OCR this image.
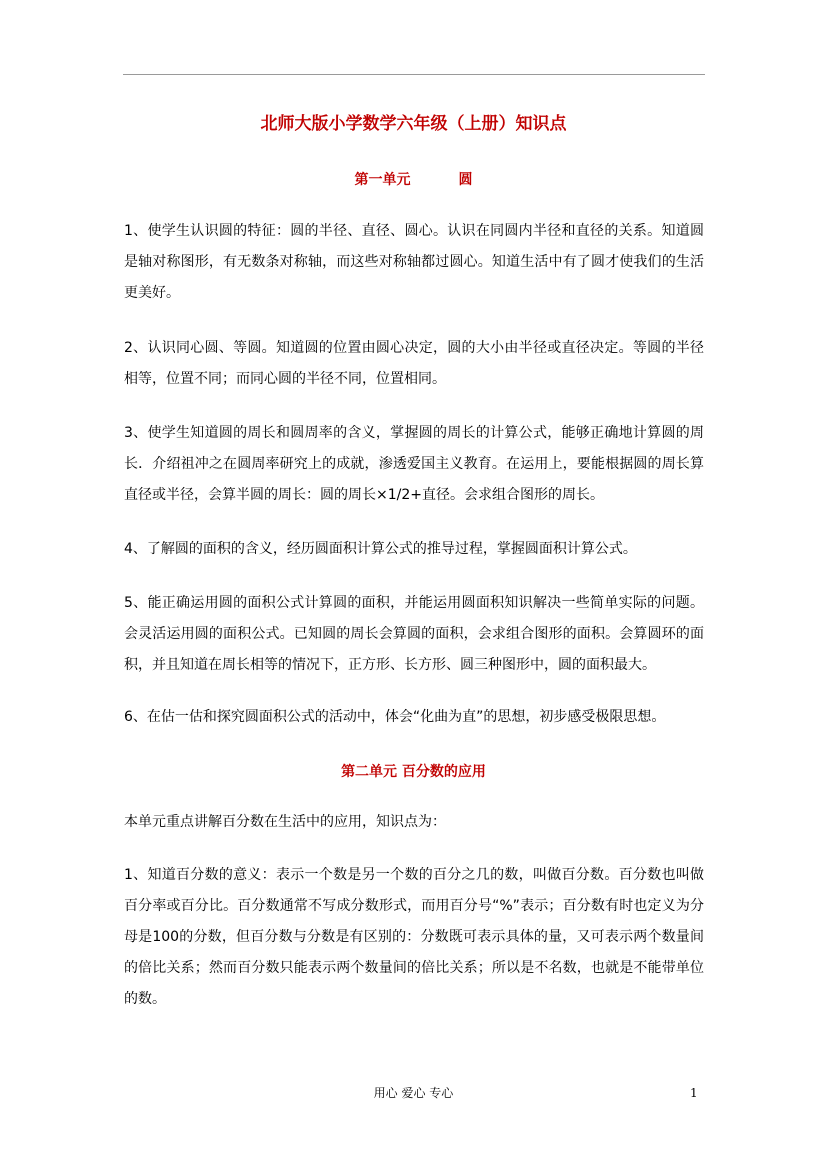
北师大版小学数学六年级（上册）知识点
第一单元	圆
1、使学生认识圆的特征：圆的半径、直径、圆心。认识在同圆内半径和直径的关系。知道圆是轴对称图形，有无数条对称轴，而这些对称轴都过圆心。知道生活中有了圆才使我们的生活更美好。
2、认识同心圆、等圆。知道圆的位置由圆心决定，圆的大小由半径或直径决定。等圆的半径相等，位置不同；而同心圆的半径不同，位置相同。
3、使学生知道圆的周长和圆周率的含义，掌握圆的周长的计算公式，能够正确地计算圆的周长．介绍祖冲之在圆周率研究上的成就，渗透爱国主义教育。在运用上，要能根据圆的周长算直径或半径，会算半圆的周长：圆的周长×1/2+直径。会求组合图形的周长。
4、了解圆的面积的含义，经历圆面积计算公式的推导过程，掌握圆面积计算公式。
5、能正确运用圆的面积公式计算圆的面积，并能运用圆面积知识解决一些简单实际的问题。会灵活运用圆的面积公式。已知圆的周长会算圆的面积，会求组合图形的面积。会算圆环的面积，并且知道在周长相等的情况下，正方形、长方形、圆三种图形中，圆的面积最大。
6、在估一估和探究圆面积公式的活动中，体会“化曲为直”的思想，初步感受极限思想。
第二单元 百分数的应用
本单元重点讲解百分数在生活中的应用，知识点为：
1、知道百分数的意义：表示一个数是另一个数的百分之几的数，叫做百分数。百分数也叫做百分率或百分比。百分数通常不写成分数形式，而用百分号“%”表示；百分数有时也定义为分母是100的分数，但百分数与分数是有区别的：分数既可表示具体的量，又可表示两个数量间的倍比关系；然而百分数只能表示两个数量间的倍比关系；所以是不名数，也就是不能带单位的数。
用心 爱心 专心	1
